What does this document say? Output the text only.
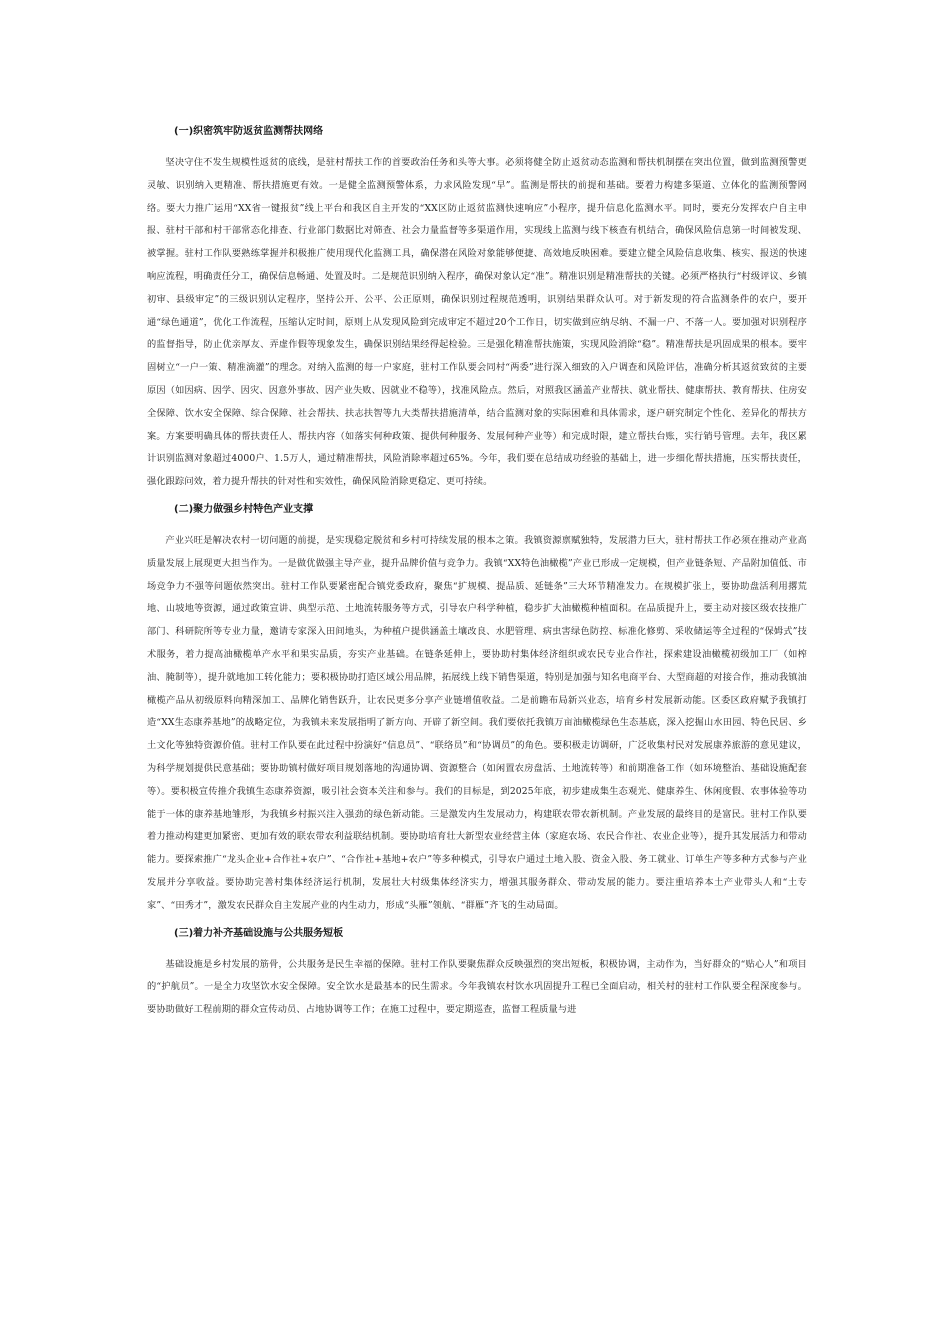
(一)织密筑牢防返贫监测帮扶网络

坚决守住不发生规模性返贫的底线，是驻村帮扶工作的首要政治任务和头等大事。必须将健全防止返贫动态监测和帮扶机制摆在突出位置，做到监测预警更灵敏、识别纳入更精准、帮扶措施更有效。一是健全监测预警体系，力求风险发现“早”。监测是帮扶的前提和基础。要着力构建多渠道、立体化的监测预警网络。要大力推广运用“XX省一键报贫”线上平台和我区自主开发的“XX区防止返贫监测快速响应”小程序，提升信息化监测水平。同时，要充分发挥农户自主申报、驻村干部和村干部常态化排查、行业部门数据比对筛查、社会力量监督等多渠道作用，实现线上监测与线下核查有机结合，确保风险信息第一时间被发现、被掌握。驻村工作队要熟练掌握并积极推广使用现代化监测工具，确保潜在风险对象能够便捷、高效地反映困难。要建立健全风险信息收集、核实、报送的快速响应流程，明确责任分工，确保信息畅通、处置及时。二是规范识别纳入程序，确保对象认定“准”。精准识别是精准帮扶的关键。必须严格执行“村级评议、乡镇初审、县级审定”的三级识别认定程序，坚持公开、公平、公正原则，确保识别过程规范透明，识别结果群众认可。对于新发现的符合监测条件的农户，要开通“绿色通道”，优化工作流程，压缩认定时间，原则上从发现风险到完成审定不超过20个工作日，切实做到应纳尽纳、不漏一户、不落一人。要加强对识别程序的监督指导，防止优亲厚友、弄虚作假等现象发生，确保识别结果经得起检验。三是强化精准帮扶施策，实现风险消除“稳”。精准帮扶是巩固成果的根本。要牢固树立“一户一策、精准滴灌”的理念。对纳入监测的每一户家庭，驻村工作队要会同村“两委”进行深入细致的入户调查和风险评估，准确分析其返贫致贫的主要原因（如因病、因学、因灾、因意外事故、因产业失败、因就业不稳等），找准风险点。然后，对照我区涵盖产业帮扶、就业帮扶、健康帮扶、教育帮扶、住房安全保障、饮水安全保障、综合保障、社会帮扶、扶志扶智等九大类帮扶措施清单，结合监测对象的实际困难和具体需求，逐户研究制定个性化、差异化的帮扶方案。方案要明确具体的帮扶责任人、帮扶内容（如落实何种政策、提供何种服务、发展何种产业等）和完成时限，建立帮扶台账，实行销号管理。去年，我区累计识别监测对象超过4000户、1.5万人，通过精准帮扶，风险消除率超过65%。今年，我们要在总结成功经验的基础上，进一步细化帮扶措施，压实帮扶责任，强化跟踪问效，着力提升帮扶的针对性和实效性，确保风险消除更稳定、更可持续。

(二)聚力做强乡村特色产业支撑

产业兴旺是解决农村一切问题的前提，是实现稳定脱贫和乡村可持续发展的根本之策。我镇资源禀赋独特，发展潜力巨大，驻村帮扶工作必须在推动产业高质量发展上展现更大担当作为。一是做优做强主导产业，提升品牌价值与竞争力。我镇“XX特色油橄榄”产业已形成一定规模，但产业链条短、产品附加值低、市场竞争力不强等问题依然突出。驻村工作队要紧密配合镇党委政府，聚焦“扩规模、提品质、延链条”三大环节精准发力。在规模扩张上，要协助盘活利用撂荒地、山坡地等资源，通过政策宣讲、典型示范、土地流转服务等方式，引导农户科学种植，稳步扩大油橄榄种植面积。在品质提升上，要主动对接区级农技推广部门、科研院所等专业力量，邀请专家深入田间地头，为种植户提供涵盖土壤改良、水肥管理、病虫害绿色防控、标准化修剪、采收储运等全过程的“保姆式”技术服务，着力提高油橄榄单产水平和果实品质，夯实产业基础。在链条延伸上，要协助村集体经济组织或农民专业合作社，探索建设油橄榄初级加工厂（如榨油、腌制等），提升就地加工转化能力；要积极协助打造区域公用品牌，拓展线上线下销售渠道，特别是加强与知名电商平台、大型商超的对接合作，推动我镇油橄榄产品从初级原料向精深加工、品牌化销售跃升，让农民更多分享产业链增值收益。二是前瞻布局新兴业态，培育乡村发展新动能。区委区政府赋予我镇打造“XX生态康养基地”的战略定位，为我镇未来发展指明了新方向、开辟了新空间。我们要依托我镇万亩油橄榄绿色生态基底，深入挖掘山水田园、特色民居、乡土文化等独特资源价值。驻村工作队要在此过程中扮演好“信息员”、“联络员”和“协调员”的角色。要积极走访调研，广泛收集村民对发展康养旅游的意见建议，为科学规划提供民意基础；要协助镇村做好项目规划落地的沟通协调、资源整合（如闲置农房盘活、土地流转等）和前期准备工作（如环境整治、基础设施配套等）。要积极宣传推介我镇生态康养资源，吸引社会资本关注和参与。我们的目标是，到2025年底，初步建成集生态观光、健康养生、休闲度假、农事体验等功能于一体的康养基地雏形，为我镇乡村振兴注入强劲的绿色新动能。三是激发内生发展动力，构建联农带农新机制。产业发展的最终目的是富民。驻村工作队要着力推动构建更加紧密、更加有效的联农带农利益联结机制。要协助培育壮大新型农业经营主体（家庭农场、农民合作社、农业企业等），提升其发展活力和带动能力。要探索推广“龙头企业+合作社+农户”、“合作社+基地+农户”等多种模式，引导农户通过土地入股、资金入股、务工就业、订单生产等多种方式参与产业发展并分享收益。要协助完善村集体经济运行机制，发展壮大村级集体经济实力，增强其服务群众、带动发展的能力。要注重培养本土产业带头人和“土专家”、“田秀才”，激发农民群众自主发展产业的内生动力，形成“头雁”领航、“群雁”齐飞的生动局面。

(三)着力补齐基础设施与公共服务短板

基础设施是乡村发展的筋骨，公共服务是民生幸福的保障。驻村工作队要聚焦群众反映强烈的突出短板，积极协调，主动作为，当好群众的“贴心人”和项目的“护航员”。一是全力攻坚饮水安全保障。安全饮水是最基本的民生需求。今年我镇农村饮水巩固提升工程已全面启动，相关村的驻村工作队要全程深度参与。要协助做好工程前期的群众宣传动员、占地协调等工作；在施工过程中，要定期巡查，监督工程质量与进
